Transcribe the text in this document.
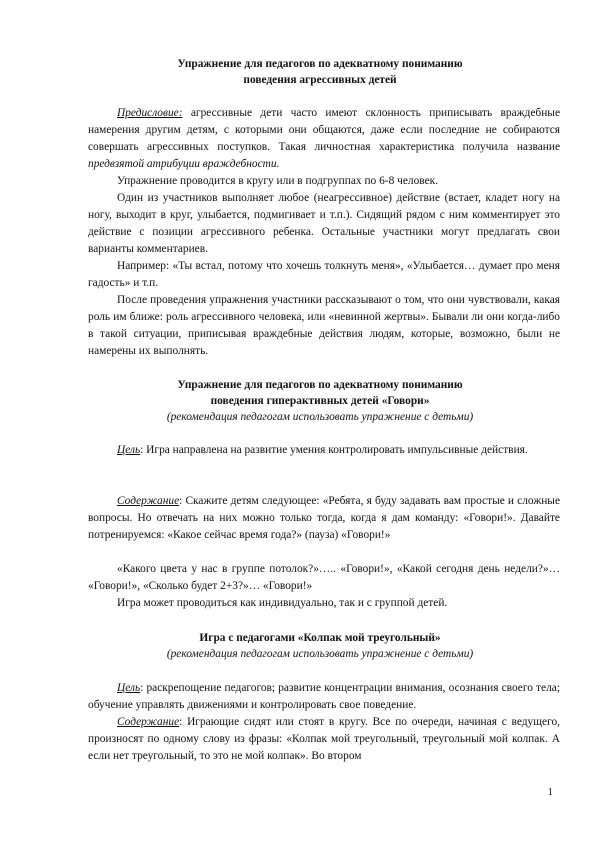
Упражнение для педагогов по адекватному пониманию
поведения агрессивных детей
Предисловие: агрессивные дети часто имеют склонность приписывать враждебные намерения другим детям, с которыми они общаются, даже если последние не собираются совершать агрессивных поступков. Такая личностная характеристика получила название предвзятой атрибуции враждебности.
Упражнение проводится в кругу или в подгруппах по 6-8 человек.
Один из участников выполняет любое (неагрессивное) действие (встает, кладет ногу на ногу, выходит в круг, улыбается, подмигивает и т.п.). Сидящий рядом с ним комментирует это действие с позиции агрессивного ребенка. Остальные участники могут предлагать свои варианты комментариев.
Например: «Ты встал, потому что хочешь толкнуть меня», «Улыбается… думает про меня гадость» и т.п.
После проведения упражнения участники рассказывают о том, что они чувствовали, какая роль им ближе: роль агрессивного человека, или «невинной жертвы». Бывали ли они когда-либо в такой ситуации, приписывая враждебные действия людям, которые, возможно, были не намерены их выполнять.
Упражнение для педагогов по адекватному пониманию
поведения гиперактивных детей «Говори»
(рекомендация педагогам использовать упражнение с детьми)
Цель: Игра направлена на развитие умения контролировать импульсивные действия.
Содержание: Скажите детям следующее: «Ребята, я буду задавать вам простые и сложные вопросы. Но отвечать на них можно только тогда, когда я дам команду: «Говори!». Давайте потренируемся: «Какое сейчас время года?» (пауза) «Говори!»
«Какого цвета у нас в группе потолок?»….. «Говори!», «Какой сегодня день недели?»… «Говори!», «Сколько будет 2+3?»… «Говори!»
Игра может проводиться как индивидуально, так и с группой детей.
Игра с педагогами «Колпак мой треугольный»
(рекомендация педагогам использовать упражнение с детьми)
Цель: раскрепощение педагогов; развитие концентрации внимания, осознания своего тела; обучение управлять движениями и контролировать свое поведение.
Содержание: Играющие сидят или стоят в кругу. Все по очереди, начиная с ведущего, произносят по одному слову из фразы: «Колпак мой треугольный, треугольный мой колпак. А если нет треугольный, то это не мой колпак». Во втором
1
